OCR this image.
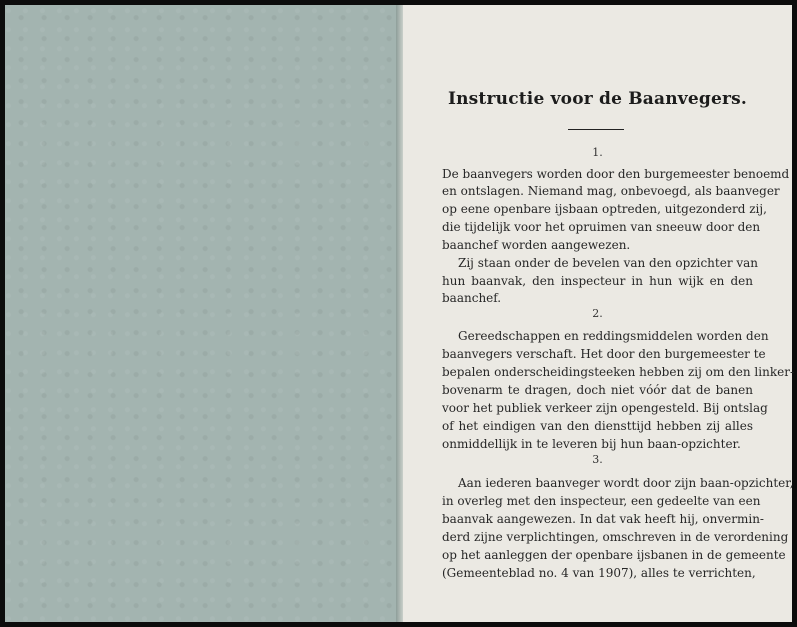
Instructie voor de Baanvegers.
1.
De baanvegers worden door den burgemeester benoemd
en ontslagen. Niemand mag, onbevoegd, als baanveger
op eene openbare ijsbaan optreden, uitgezonderd zij,
die tijdelijk voor het opruimen van sneeuw door den
baanchef worden aangewezen.
Zij staan onder de bevelen van den opzichter van
hun baanvak, den inspecteur in hun wijk en den
baanchef.
2.
Gereedschappen en reddingsmiddelen worden den
baanvegers verschaft. Het door den burgemeester te
bepalen onderscheidingsteeken hebben zij om den linker-
bovenarm te dragen, doch niet vóór dat de banen
voor het publiek verkeer zijn opengesteld. Bij ontslag
of het eindigen van den diensttijd hebben zij alles
onmiddellijk in te leveren bij hun baan-opzichter.
3.
Aan iederen baanveger wordt door zijn baan-opzichter,
in overleg met den inspecteur, een gedeelte van een
baanvak aangewezen. In dat vak heeft hij, onvermin-
derd zijne verplichtingen, omschreven in de verordening
op het aanleggen der openbare ijsbanen in de gemeente
(Gemeenteblad no. 4 van 1907), alles te verrichten,
